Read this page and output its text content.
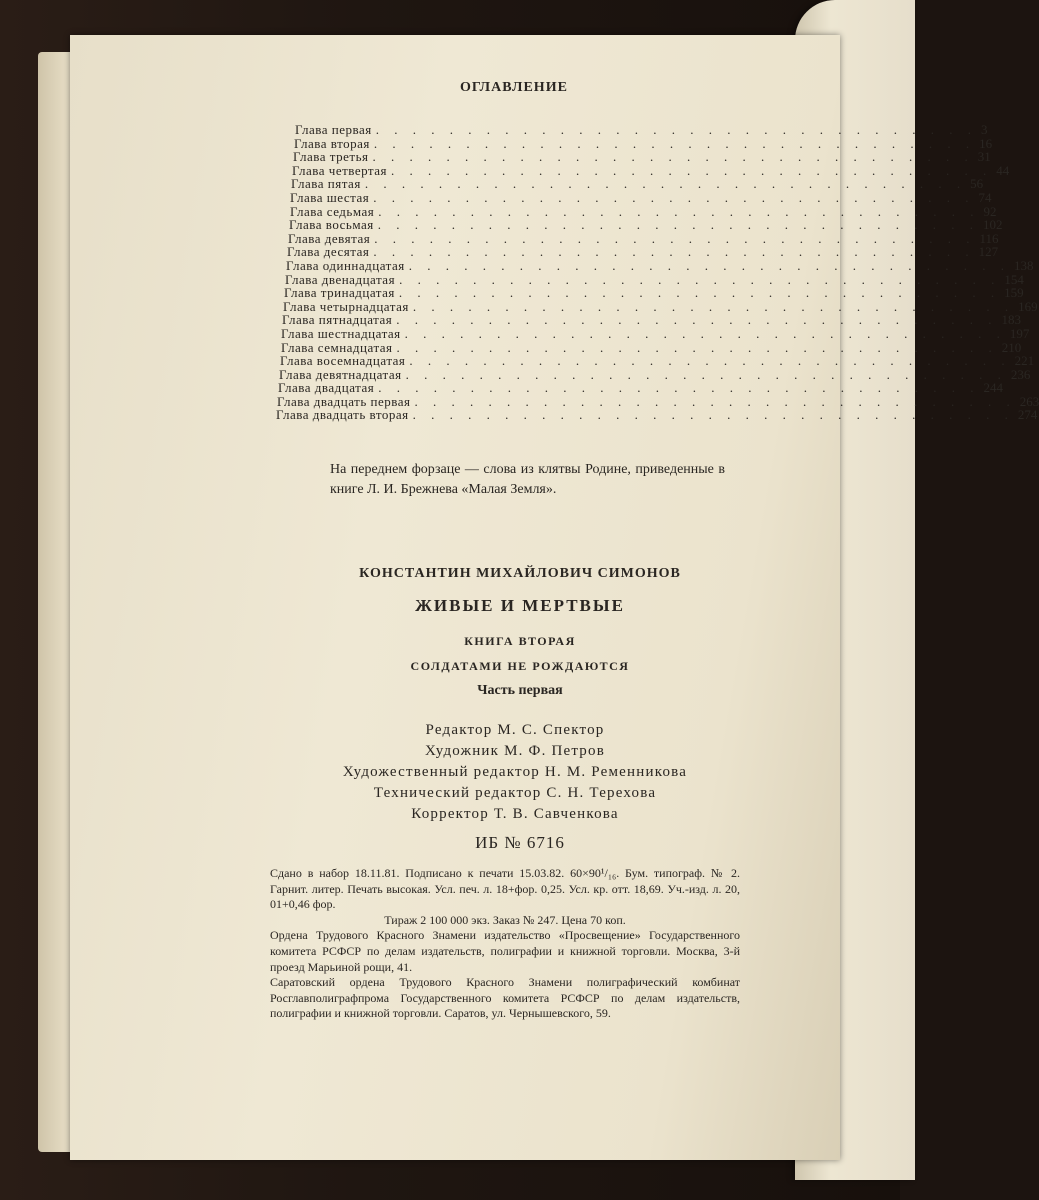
ОГЛАВЛЕНИЕ
Глава первая . . . . . . . . . . . . . . . . . . . . . . . . . . . . . . . . . 3
Глава вторая . . . . . . . . . . . . . . . . . . . . . . . . . . . . . . . . . 16
Глава третья . . . . . . . . . . . . . . . . . . . . . . . . . . . . . . . . . 31
Глава четвертая . . . . . . . . . . . . . . . . . . . . . . . . . . . . . . . . . 44
Глава пятая . . . . . . . . . . . . . . . . . . . . . . . . . . . . . . . . . 56
Глава шестая . . . . . . . . . . . . . . . . . . . . . . . . . . . . . . . . . 74
Глава седьмая . . . . . . . . . . . . . . . . . . . . . . . . . . . . . . . . . 92
Глава восьмая . . . . . . . . . . . . . . . . . . . . . . . . . . . . . . . . . 102
Глава девятая . . . . . . . . . . . . . . . . . . . . . . . . . . . . . . . . . 116
Глава десятая . . . . . . . . . . . . . . . . . . . . . . . . . . . . . . . . . 127
Глава одиннадцатая . . . . . . . . . . . . . . . . . . . . . . . . . . . . . . . . . 138
Глава двенадцатая . . . . . . . . . . . . . . . . . . . . . . . . . . . . . . . . . 154
Глава тринадцатая . . . . . . . . . . . . . . . . . . . . . . . . . . . . . . . . . 159
Глава четырнадцатая . . . . . . . . . . . . . . . . . . . . . . . . . . . . . . . . . 169
Глава пятнадцатая . . . . . . . . . . . . . . . . . . . . . . . . . . . . . . . . . 183
Глава шестнадцатая . . . . . . . . . . . . . . . . . . . . . . . . . . . . . . . . . 197
Глава семнадцатая . . . . . . . . . . . . . . . . . . . . . . . . . . . . . . . . . 210
Глава восемнадцатая . . . . . . . . . . . . . . . . . . . . . . . . . . . . . . . . . 221
Глава девятнадцатая . . . . . . . . . . . . . . . . . . . . . . . . . . . . . . . . . 236
Глава двадцатая . . . . . . . . . . . . . . . . . . . . . . . . . . . . . . . . . 244
Глава двадцать первая . . . . . . . . . . . . . . . . . . . . . . . . . . . . . . . . . 263
Глава двадцать вторая . . . . . . . . . . . . . . . . . . . . . . . . . . . . . . . . . 274
На переднем форзаце — слова из клятвы Родине, приведенные в книге Л. И. Брежнева «Малая Земля».
КОНСТАНТИН МИХАЙЛОВИЧ СИМОНОВ
ЖИВЫЕ И МЕРТВЫЕ
КНИГА ВТОРАЯ
СОЛДАТАМИ НЕ РОЖДАЮТСЯ
Часть первая
Редактор М. С. Спектор
Художник М. Ф. Петров
Художественный редактор Н. М. Ременникова
Технический редактор С. Н. Терехова
Корректор Т. В. Савченкова
ИБ № 6716

Сдано в набор 18.11.81. Подписано к печати 15.03.82. 60×90¹/₁₆. Бум. типограф. № 2. Гарнит. литер. Печать высокая. Усл. печ. л. 18+фор. 0,25. Усл. кр. отт. 18,69. Уч.-изд. л. 20, 01+0,46 фор.

Тираж 2 100 000 экз. Заказ № 247. Цена 70 коп.

Ордена Трудового Красного Знамени издательство «Просвещение» Государственного комитета РСФСР по делам издательств, полиграфии и книжной торговли. Москва, 3-й проезд Марьиной рощи, 41.

Саратовский ордена Трудового Красного Знамени полиграфический комбинат Росглавполиграфпрома Государственного комитета РСФСР по делам издательств, полиграфии и книжной торговли. Саратов, ул. Чернышевского, 59.
